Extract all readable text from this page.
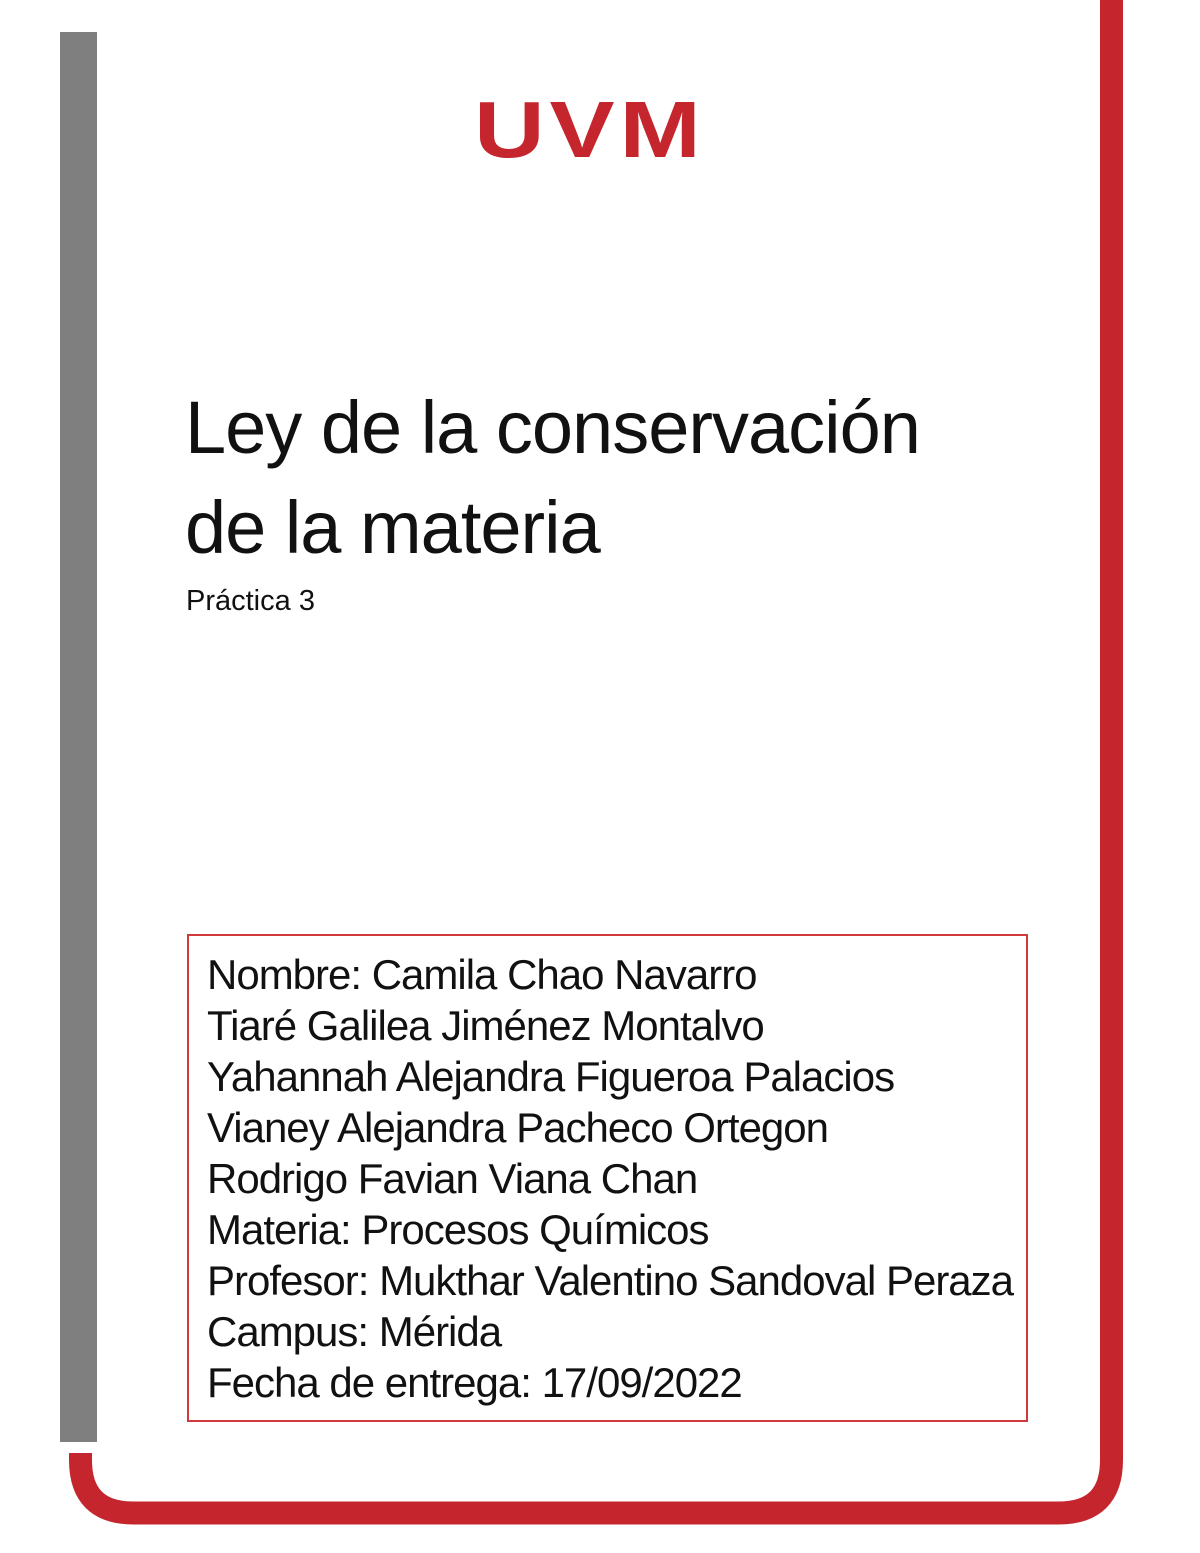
UVM
Ley de la conservación
de la materia
Práctica 3
Nombre: Camila Chao Navarro
Tiaré Galilea Jiménez Montalvo
Yahannah Alejandra Figueroa Palacios
Vianey Alejandra Pacheco Ortegon
Rodrigo Favian Viana Chan
Materia: Procesos Químicos
Profesor: Mukthar Valentino Sandoval Peraza
Campus: Mérida
Fecha de entrega: 17/09/2022
